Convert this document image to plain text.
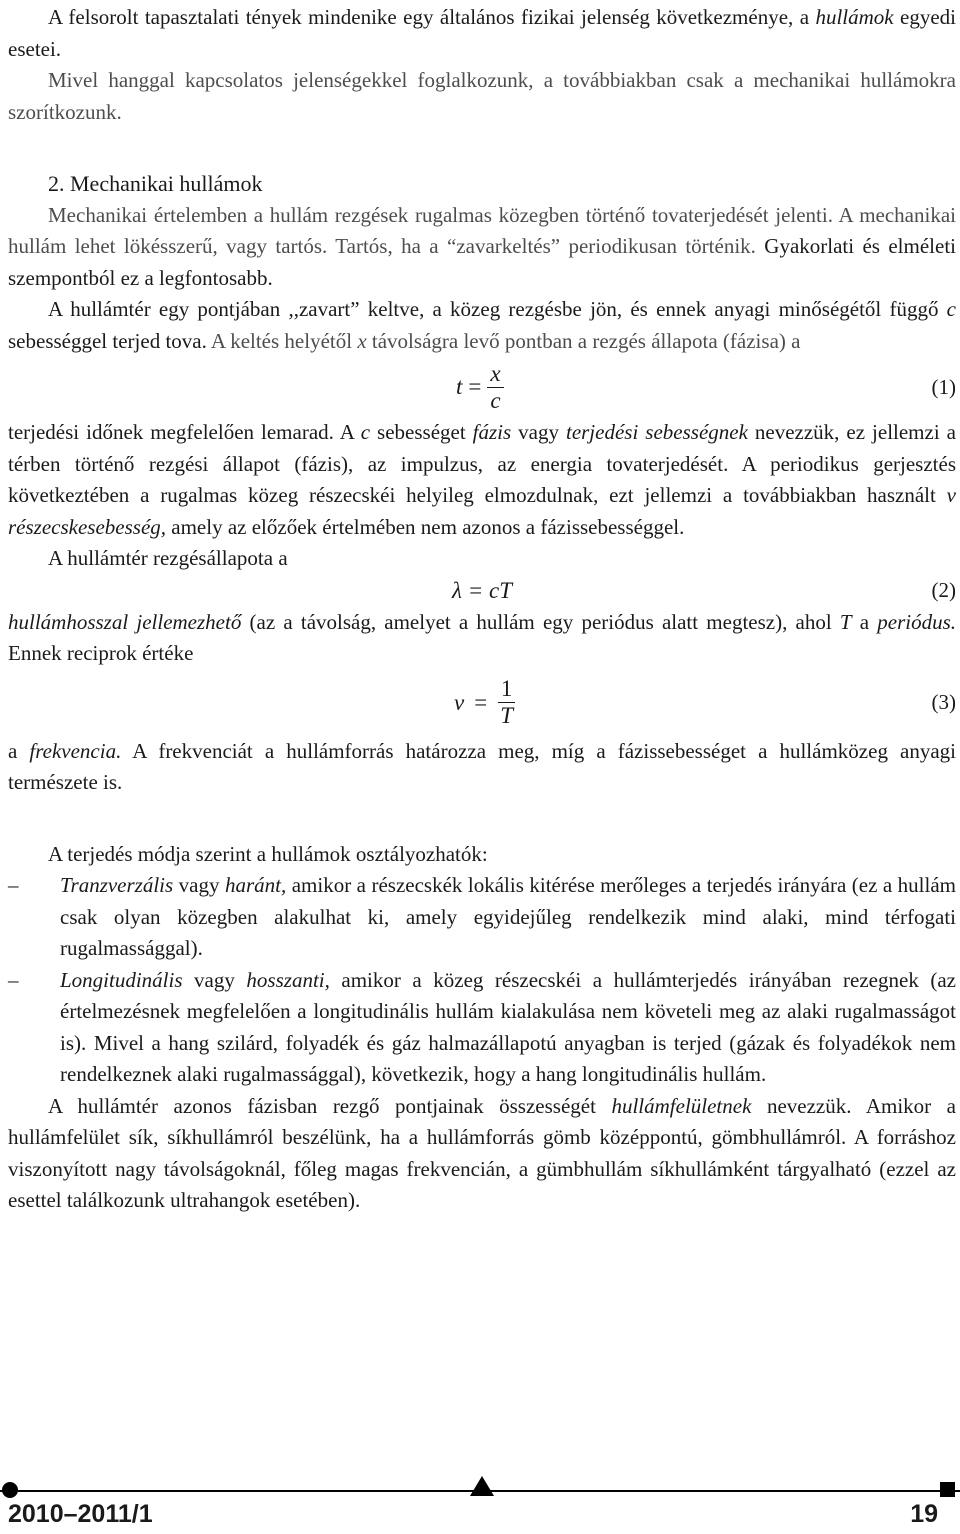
A felsorolt tapasztalati tények mindenike egy általános fizikai jelenség következménye, a hullámok egyedi esetei.

Mivel hanggal kapcsolatos jelenségekkel foglalkozunk, a továbbiakban csak a mechanikai hullámokra szorítkozunk.

2. Mechanikai hullámok

Mechanikai értelemben a hullám rezgések rugalmas közegben történő tovaterjedését jelenti. A mechanikai hullám lehet lökésszerű, vagy tartós. Tartós, ha a “zavarkeltés” periodikusan történik. Gyakorlati és elméleti szempontból ez a legfontosabb.

A hullámtér egy pontjában ,,zavart” keltve, a közeg rezgésbe jön, és ennek anyagi minőségétől függő c sebességgel terjed tova. A keltés helyétől x távolságra levő pontban a rezgés állapota (fázisa) a

$t = \frac{x}{c}$	(1)

terjedési időnek megfelelően lemarad. A c sebességet fázis vagy terjedési sebességnek nevezzük, ez jellemzi a térben történő rezgési állapot (fázis), az impulzus, az energia tovaterjedését. A periodikus gerjesztés következtében a rugalmas közeg részecskéi helyileg elmozdulnak, ezt jellemzi a továbbiakban használt v részecskesebesség, amely az előzőek értelmében nem azonos a fázissebességgel.

A hullámtér rezgésállapota a

λ = cT	(2)

hullámhosszal jellemezhető (az a távolság, amelyet a hullám egy periódus alatt megtesz), ahol T a periódus. Ennek reciprok értéke

$\nu = \frac{1}{T}$	(3)

a frekvencia. A frekvenciát a hullámforrás határozza meg, míg a fázissebességet a hullámközeg anyagi természete is.

A terjedés módja szerint a hullámok osztályozhatók:

– Tranzverzális vagy haránt, amikor a részecskék lokális kitérése merőleges a terjedés irányára (ez a hullám csak olyan közegben alakulhat ki, amely egyidejűleg rendelkezik mind alaki, mind térfogati rugalmassággal).
– Longitudinális vagy hosszanti, amikor a közeg részecskéi a hullámterjedés irányában rezegnek (az értelmezésnek megfelelően a longitudinális hullám kialakulása nem követeli meg az alaki rugalmasságot is). Mivel a hang szilárd, folyadék és gáz halmazállapotú anyagban is terjed (gázak és folyadékok nem rendelkeznek alaki rugalmassággal), következik, hogy a hang longitudinális hullám.

A hullámtér azonos fázisban rezgő pontjainak összességét hullámfelületnek nevezzük. Amikor a hullámfelület sík, síkhullámról beszélünk, ha a hullámforrás gömb középpontú, gömbhullámról. A forráshoz viszonyított nagy távolságoknál, főleg magas frekvencián, a gümbhullám síkhullámként tárgyalható (ezzel az esettel találkozunk ultrahangok esetében).

2010–2011/1	19
